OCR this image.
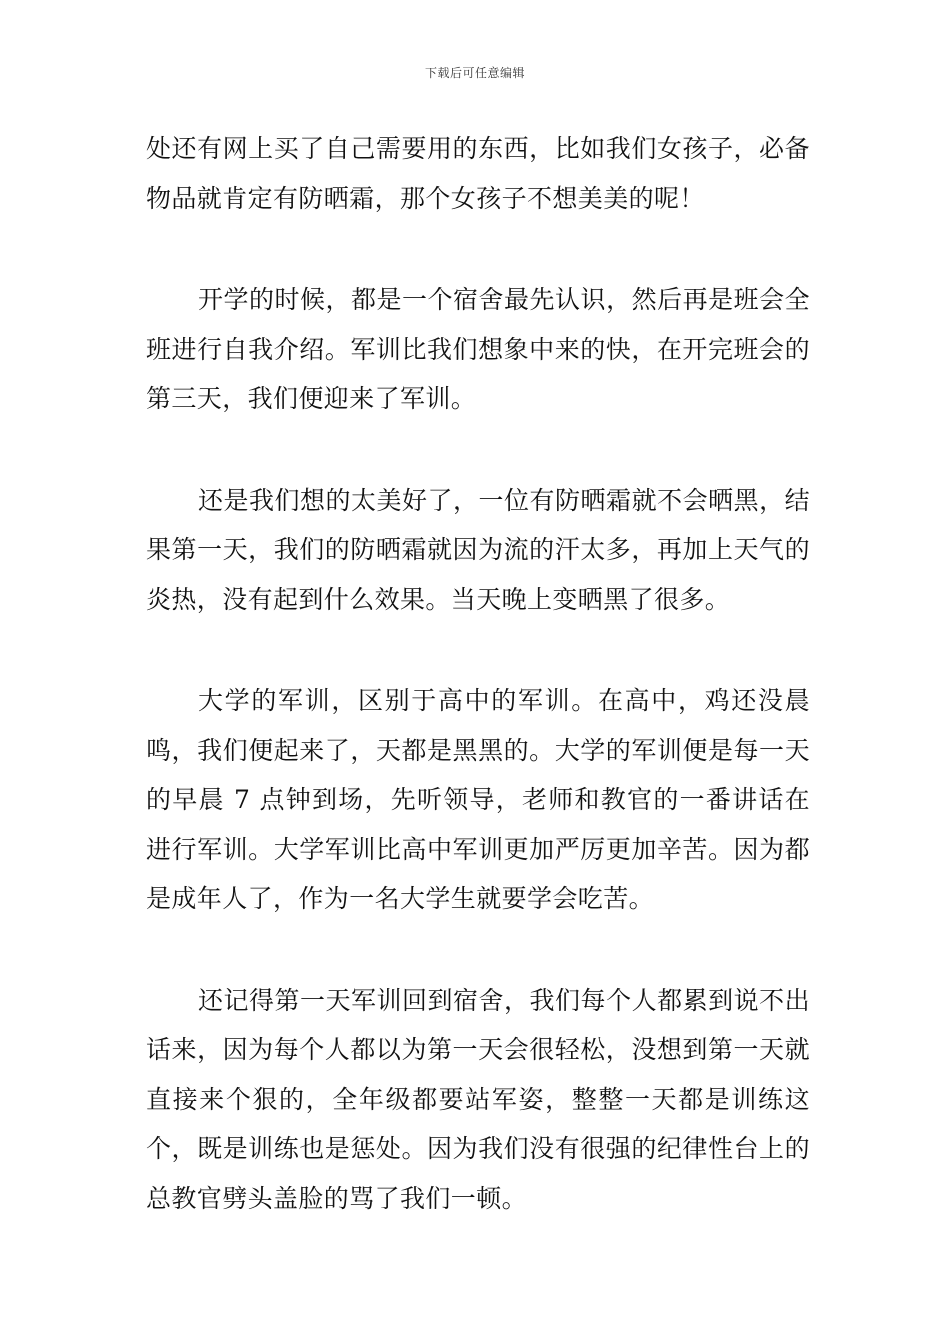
下载后可任意编辑

处还有网上买了自己需要用的东西，比如我们女孩子，必备物品就肯定有防晒霜，那个女孩子不想美美的呢！

开学的时候，都是一个宿舍最先认识，然后再是班会全班进行自我介绍。军训比我们想象中来的快，在开完班会的第三天，我们便迎来了军训。

还是我们想的太美好了，一位有防晒霜就不会晒黑，结果第一天，我们的防晒霜就因为流的汗太多，再加上天气的炎热，没有起到什么效果。当天晚上变晒黑了很多。

大学的军训，区别于高中的军训。在高中，鸡还没晨鸣，我们便起来了，天都是黑黑的。大学的军训便是每一天的早晨 7 点钟到场，先听领导，老师和教官的一番讲话在进行军训。大学军训比高中军训更加严厉更加辛苦。因为都是成年人了，作为一名大学生就要学会吃苦。

还记得第一天军训回到宿舍，我们每个人都累到说不出话来，因为每个人都以为第一天会很轻松，没想到第一天就直接来个狠的，全年级都要站军姿，整整一天都是训练这个，既是训练也是惩处。因为我们没有很强的纪律性台上的总教官劈头盖脸的骂了我们一顿。
